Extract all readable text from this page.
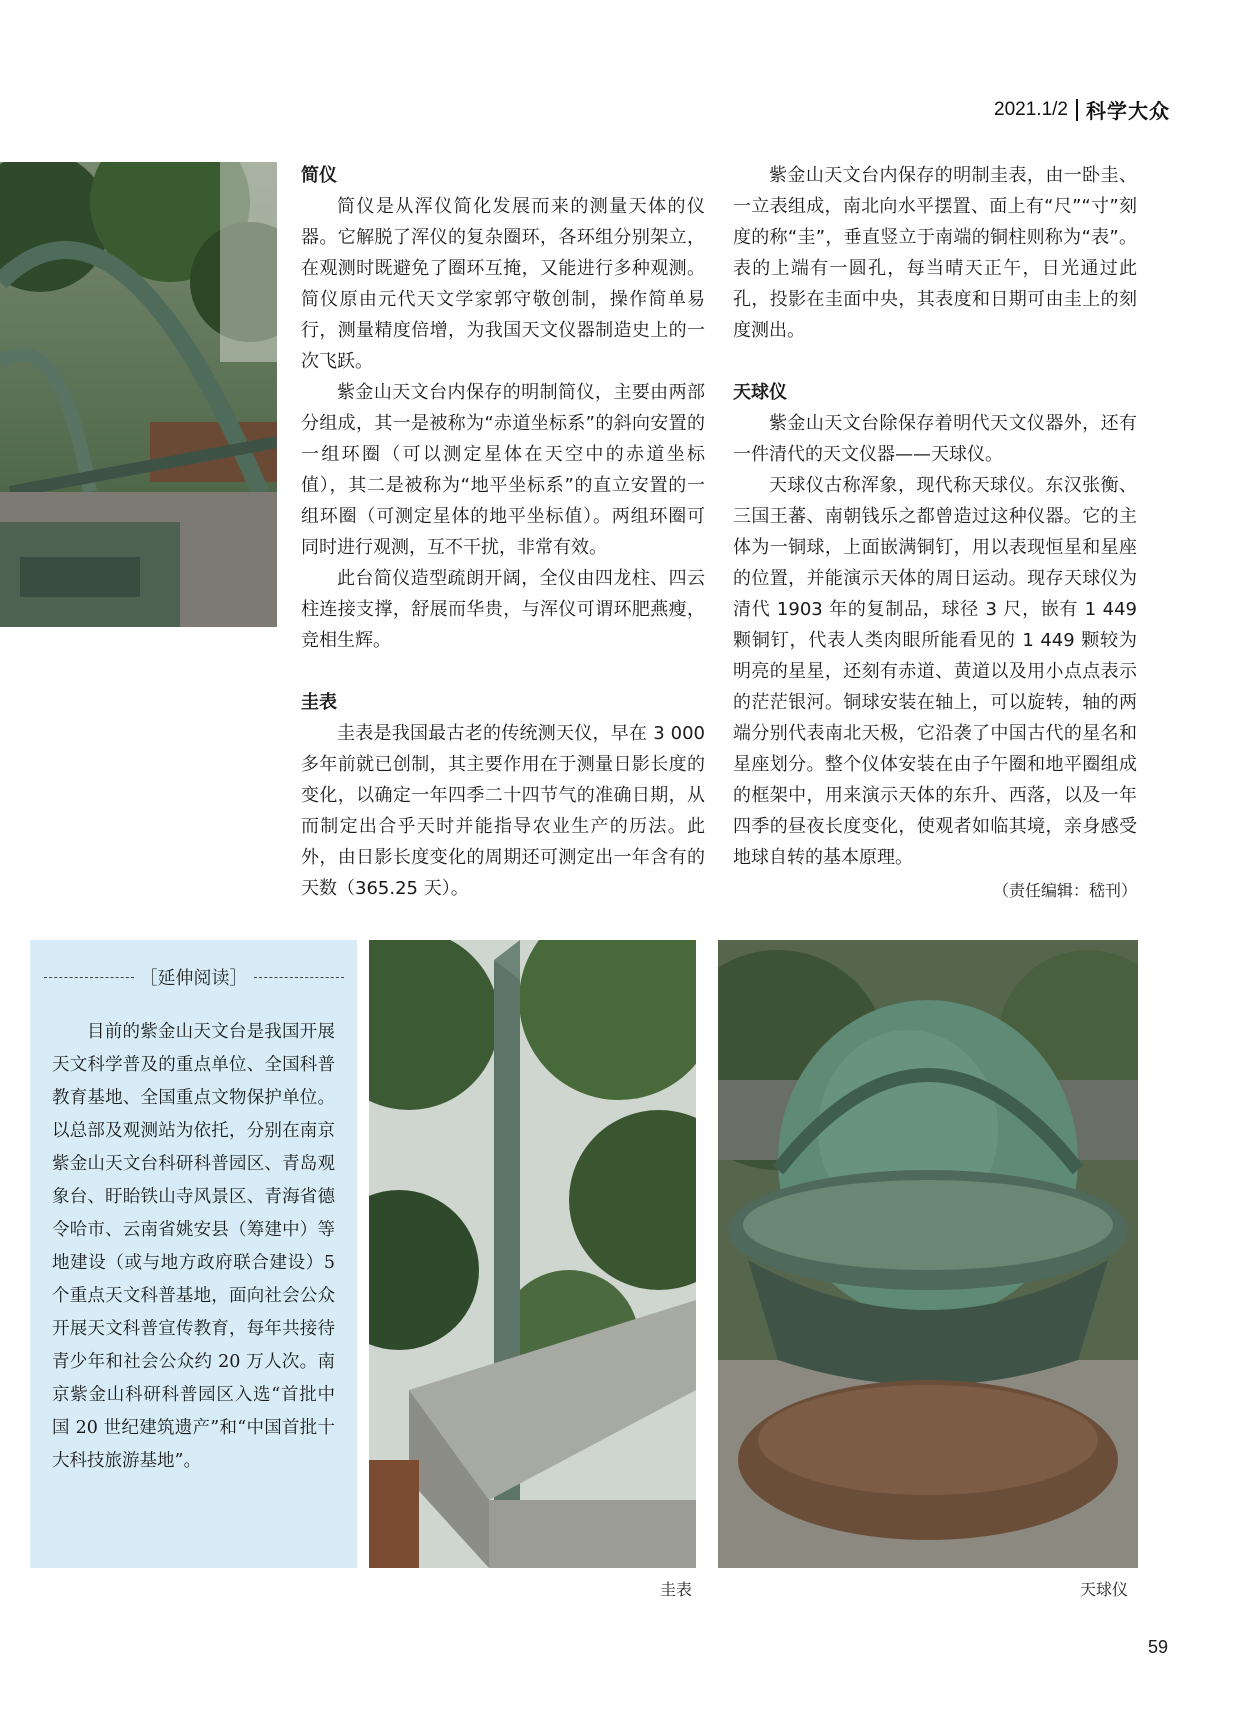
2021.1/2 科学大众
简仪

简仪是从浑仪简化发展而来的测量天体的仪器。它解脱了浑仪的复杂圈环，各环组分别架立，在观测时既避免了圈环互掩，又能进行多种观测。简仪原由元代天文学家郭守敬创制，操作简单易行，测量精度倍增，为我国天文仪器制造史上的一次飞跃。

紫金山天文台内保存的明制简仪，主要由两部分组成，其一是被称为“赤道坐标系”的斜向安置的一组环圈（可以测定星体在天空中的赤道坐标值），其二是被称为“地平坐标系”的直立安置的一组环圈（可测定星体的地平坐标值）。两组环圈可同时进行观测，互不干扰，非常有效。

此台简仪造型疏朗开阔，全仪由四龙柱、四云柱连接支撑，舒展而华贵，与浑仪可谓环肥燕瘦，竞相生辉。

圭表

圭表是我国最古老的传统测天仪，早在 3 000 多年前就已创制，其主要作用在于测量日影长度的变化，以确定一年四季二十四节气的准确日期，从而制定出合乎天时并能指导农业生产的历法。此外，由日影长度变化的周期还可测定出一年含有的天数（365.25 天）。

紫金山天文台内保存的明制圭表，由一卧圭、一立表组成，南北向水平摆置、面上有“尺”“寸”刻度的称“圭”，垂直竖立于南端的铜柱则称为“表”。表的上端有一圆孔，每当晴天正午，日光通过此孔，投影在圭面中央，其表度和日期可由圭上的刻度测出。

天球仪

紫金山天文台除保存着明代天文仪器外，还有一件清代的天文仪器——天球仪。

天球仪古称浑象，现代称天球仪。东汉张衡、三国王蕃、南朝钱乐之都曾造过这种仪器。它的主体为一铜球，上面嵌满铜钉，用以表现恒星和星座的位置，并能演示天体的周日运动。现存天球仪为清代 1903 年的复制品，球径 3 尺，嵌有 1 449 颗铜钉，代表人类肉眼所能看见的 1 449 颗较为明亮的星星，还刻有赤道、黄道以及用小点点表示的茫茫银河。铜球安装在轴上，可以旋转，轴的两端分别代表南北天极，它沿袭了中国古代的星名和星座划分。整个仪体安装在由子午圈和地平圈组成的框架中，用来演示天体的东升、西落，以及一年四季的昼夜长度变化，使观者如临其境，亲身感受地球自转的基本原理。

（责任编辑：嵇刊）
［延伸阅读］
目前的紫金山天文台是我国开展天文科学普及的重点单位、全国科普教育基地、全国重点文物保护单位。以总部及观测站为依托，分别在南京紫金山天文台科研科普园区、青岛观象台、盱眙铁山寺风景区、青海省德令哈市、云南省姚安县（筹建中）等地建设（或与地方政府联合建设）5 个重点天文科普基地，面向社会公众开展天文科普宣传教育，每年共接待青少年和社会公众约 20 万人次。南京紫金山科研科普园区入选“首批中国 20 世纪建筑遗产”和“中国首批十大科技旅游基地”。
圭表	天球仪
59
